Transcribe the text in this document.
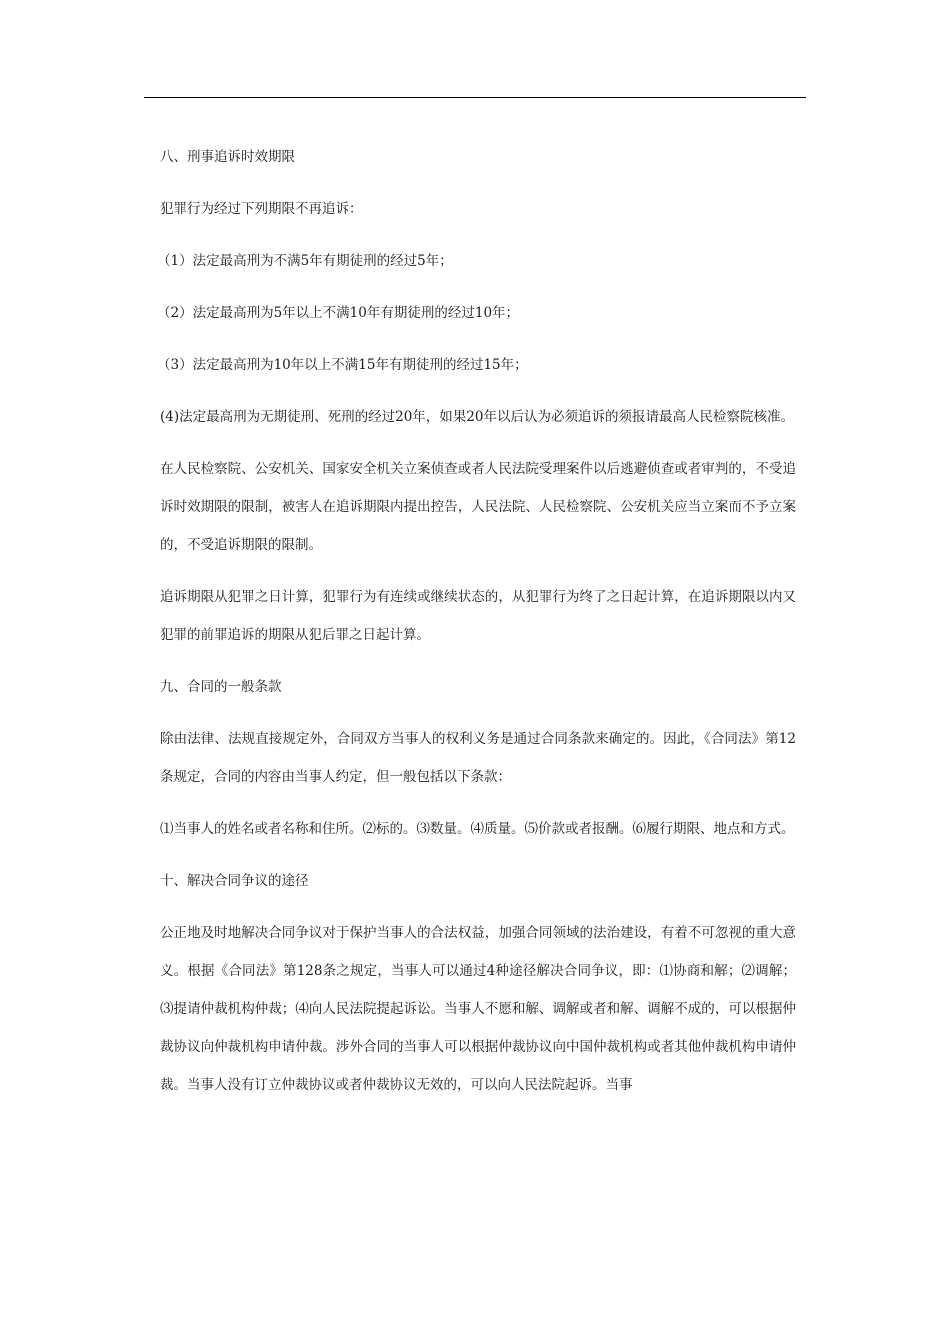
八、刑事追诉时效期限

犯罪行为经过下列期限不再追诉：

（1）法定最高刑为不满5年有期徒刑的经过5年；

（2）法定最高刑为5年以上不满10年有期徒刑的经过10年；

（3）法定最高刑为10年以上不满15年有期徒刑的经过15年；

(4)法定最高刑为无期徒刑、死刑的经过20年，如果20年以后认为必须追诉的须报请最高人民检察院核准。

在人民检察院、公安机关、国家安全机关立案侦查或者人民法院受理案件以后逃避侦查或者审判的，不受追诉时效期限的限制，被害人在追诉期限内提出控告，人民法院、人民检察院、公安机关应当立案而不予立案的，不受追诉期限的限制。

追诉期限从犯罪之日计算，犯罪行为有连续或继续状态的，从犯罪行为终了之日起计算，在追诉期限以内又犯罪的前罪追诉的期限从犯后罪之日起计算。

九、合同的一般条款

除由法律、法规直接规定外，合同双方当事人的权利义务是通过合同条款来确定的。因此，《合同法》第12条规定，合同的内容由当事人约定，但一般包括以下条款：

⑴当事人的姓名或者名称和住所。⑵标的。⑶数量。⑷质量。⑸价款或者报酬。⑹履行期限、地点和方式。

十、解决合同争议的途径

公正地及时地解决合同争议对于保护当事人的合法权益，加强合同领域的法治建设，有着不可忽视的重大意义。根据《合同法》第128条之规定，当事人可以通过4种途径解决合同争议，即：⑴协商和解；⑵调解；⑶提请仲裁机构仲裁；⑷向人民法院提起诉讼。当事人不愿和解、调解或者和解、调解不成的，可以根据仲裁协议向仲裁机构申请仲裁。涉外合同的当事人可以根据仲裁协议向中国仲裁机构或者其他仲裁机构申请仲裁。当事人没有订立仲裁协议或者仲裁协议无效的，可以向人民法院起诉。当事
